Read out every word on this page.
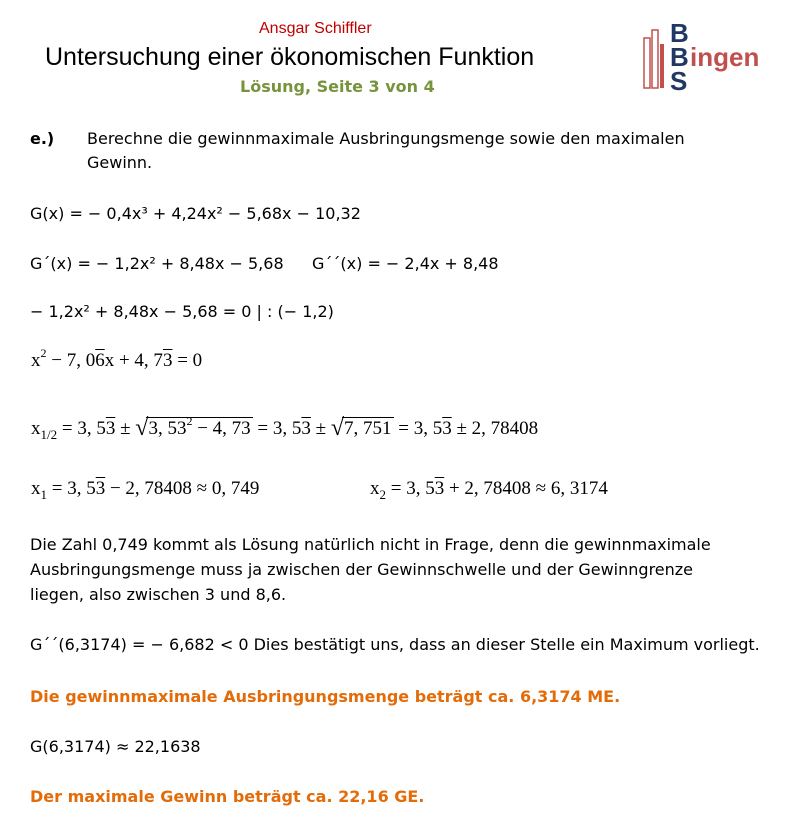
Ansgar Schiffler
Untersuchung einer ökonomischen Funktion
Lösung, Seite 3 von 4
B
B
S
ingen
e.) Berechne die gewinnmaximale Ausbringungsmenge sowie den maximalen
Gewinn.
G(x) = − 0,4x³ + 4,24x² − 5,68x − 10,32
G´(x) = − 1,2x² + 8,48x − 5,68 G´´(x) = − 2,4x + 8,48
− 1,2x² + 8,48x − 5,68 = 0 | : (− 1,2)
$x^2 - 7$, 06x + 4, 73 = 0
$x_{1/2} = 3$, 53 ± √3, $53^2 - 4$, 73 = 3, 53 ± √7, 751 = 3, 53 ± 2, 78408
$x_1 = 3$, 53 − 2, 78408 ≈ 0, 749	$x_2 = 3$, 53 + 2, 78408 ≈ 6, 3174
Die Zahl 0,749 kommt als Lösung natürlich nicht in Frage, denn die gewinnmaximale
Ausbringungsmenge muss ja zwischen der Gewinnschwelle und der Gewinngrenze
liegen, also zwischen 3 und 8,6.
G´´(6,3174) = − 6,682 < 0 Dies bestätigt uns, dass an dieser Stelle ein Maximum vorliegt.
Die gewinnmaximale Ausbringungsmenge beträgt ca. 6,3174 ME.
G(6,3174) ≈ 22,1638
Der maximale Gewinn beträgt ca. 22,16 GE.
